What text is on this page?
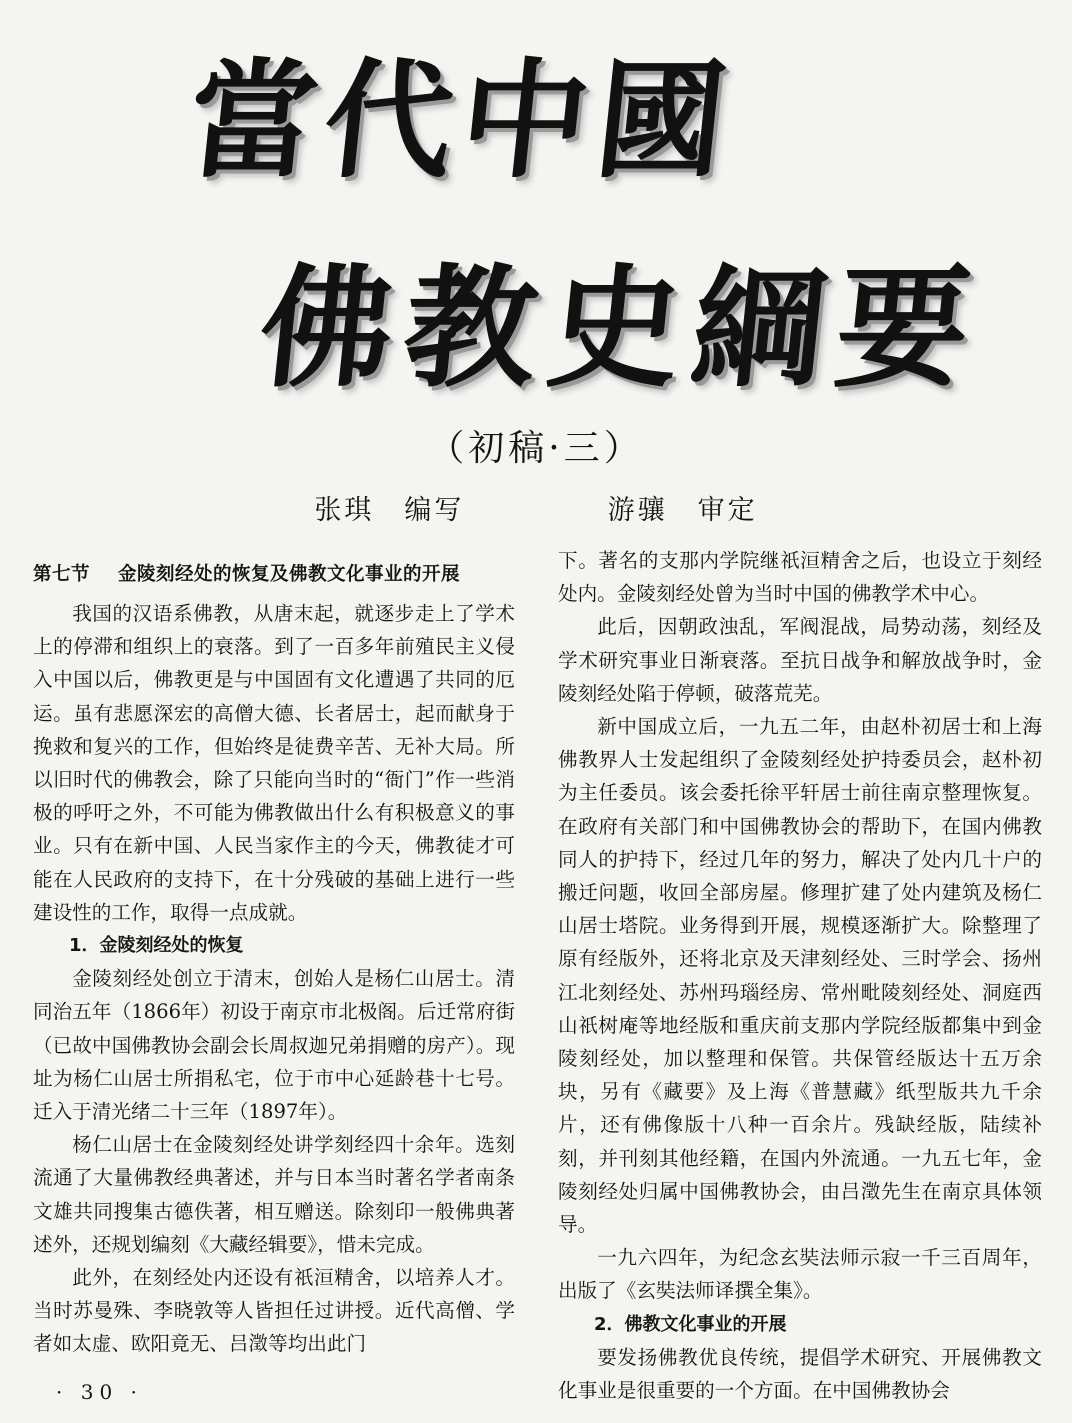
當代中國
佛教史綱要
（初稿·三）
张琪　编写	游骧　审定
第七节 金陵刻经处的恢复及佛教文化事业的开展

我国的汉语系佛教，从唐末起，就逐步走上了学术上的停滞和组织上的衰落。到了一百多年前殖民主义侵入中国以后，佛教更是与中国固有文化遭遇了共同的厄运。虽有悲愿深宏的高僧大德、长者居士，起而献身于挽救和复兴的工作，但始终是徒费辛苦、无补大局。所以旧时代的佛教会，除了只能向当时的“衙门”作一些消极的呼吁之外，不可能为佛教做出什么有积极意义的事业。只有在新中国、人民当家作主的今天，佛教徒才可能在人民政府的支持下，在十分残破的基础上进行一些建设性的工作，取得一点成就。

1．金陵刻经处的恢复

金陵刻经处创立于清末，创始人是杨仁山居士。清同治五年（1866年）初设于南京市北极阁。后迁常府街（已故中国佛教协会副会长周叔迦兄弟捐赠的房产）。现址为杨仁山居士所捐私宅，位于市中心延龄巷十七号。迁入于清光绪二十三年（1897年）。

杨仁山居士在金陵刻经处讲学刻经四十余年。选刻流通了大量佛教经典著述，并与日本当时著名学者南条文雄共同搜集古德佚著，相互赠送。除刻印一般佛典著述外，还规划编刻《大藏经辑要》，惜未完成。

此外，在刻经处内还设有祇洹精舍，以培养人才。当时苏曼殊、李晓敦等人皆担任过讲授。近代高僧、学者如太虚、欧阳竟无、吕澂等均出此门

下。著名的支那内学院继祇洹精舍之后，也设立于刻经处内。金陵刻经处曾为当时中国的佛教学术中心。

此后，因朝政浊乱，军阀混战，局势动荡，刻经及学术研究事业日渐衰落。至抗日战争和解放战争时，金陵刻经处陷于停顿，破落荒芜。

新中国成立后，一九五二年，由赵朴初居士和上海佛教界人士发起组织了金陵刻经处护持委员会，赵朴初为主任委员。该会委托徐平轩居士前往南京整理恢复。在政府有关部门和中国佛教协会的帮助下，在国内佛教同人的护持下，经过几年的努力，解决了处内几十户的搬迁问题，收回全部房屋。修理扩建了处内建筑及杨仁山居士塔院。业务得到开展，规模逐渐扩大。除整理了原有经版外，还将北京及天津刻经处、三时学会、扬州江北刻经处、苏州玛瑙经房、常州毗陵刻经处、洞庭西山祇树庵等地经版和重庆前支那内学院经版都集中到金陵刻经处，加以整理和保管。共保管经版达十五万余块，另有《藏要》及上海《普慧藏》纸型版共九千余片，还有佛像版十八种一百余片。残缺经版，陆续补刻，并刊刻其他经籍，在国内外流通。一九五七年，金陵刻经处归属中国佛教协会，由吕澂先生在南京具体领导。

一九六四年，为纪念玄奘法师示寂一千三百周年，出版了《玄奘法师译撰全集》。

2．佛教文化事业的开展

要发扬佛教优良传统，提倡学术研究、开展佛教文化事业是很重要的一个方面。在中国佛教协会

· 30 ·
